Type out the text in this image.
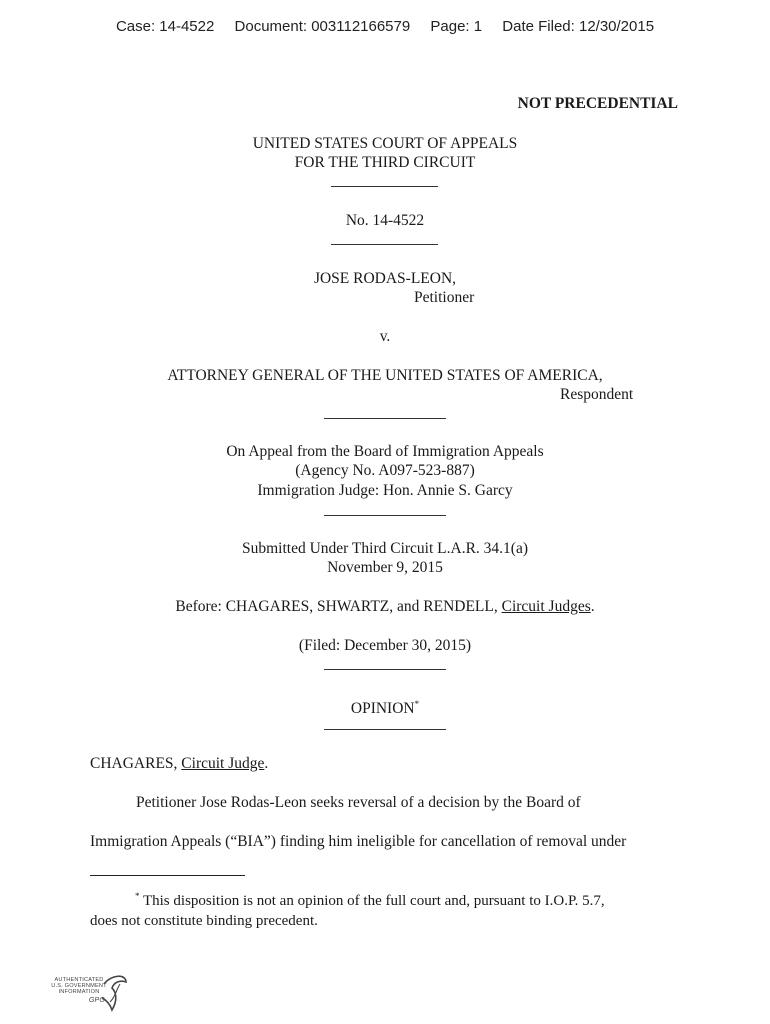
Case: 14-4522 Document: 003112166579 Page: 1 Date Filed: 12/30/2015
NOT PRECEDENTIAL
UNITED STATES COURT OF APPEALS
FOR THE THIRD CIRCUIT
No. 14-4522
JOSE RODAS-LEON,
Petitioner
v.
ATTORNEY GENERAL OF THE UNITED STATES OF AMERICA,
Respondent
On Appeal from the Board of Immigration Appeals
(Agency No. A097-523-887)
Immigration Judge: Hon. Annie S. Garcy
Submitted Under Third Circuit L.A.R. 34.1(a)
November 9, 2015
Before: CHAGARES, SHWARTZ, and RENDELL, Circuit Judges.
(Filed: December 30, 2015)
OPINION*
CHAGARES, Circuit Judge.
Petitioner Jose Rodas-Leon seeks reversal of a decision by the Board of
Immigration Appeals (“BIA”) finding him ineligible for cancellation of removal under
* This disposition is not an opinion of the full court and, pursuant to I.O.P. 5.7,
does not constitute binding precedent.
AUTHENTICATED
U.S. GOVERNMENT
INFORMATION
GPO
